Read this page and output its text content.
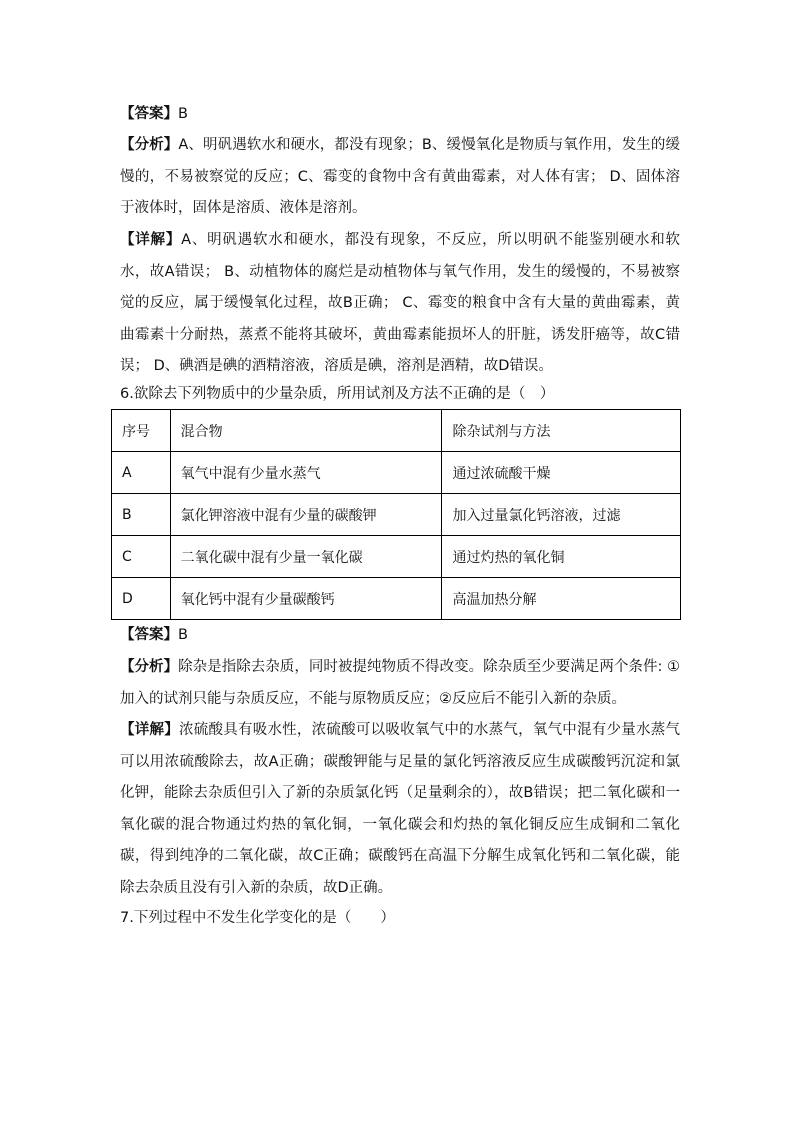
【答案】B

【分析】A、明矾遇软水和硬水，都没有现象；B、缓慢氧化是物质与氧作用，发生的缓慢的，不易被察觉的反应；C、霉变的食物中含有黄曲霉素，对人体有害； D、固体溶于液体时，固体是溶质、液体是溶剂。

【详解】A、明矾遇软水和硬水，都没有现象，不反应，所以明矾不能鉴别硬水和软水，故A错误； B、动植物体的腐烂是动植物体与氧气作用，发生的缓慢的，不易被察觉的反应，属于缓慢氧化过程，故B正确； C、霉变的粮食中含有大量的黄曲霉素，黄曲霉素十分耐热，蒸煮不能将其破坏，黄曲霉素能损坏人的肝脏，诱发肝癌等，故C错误； D、碘酒是碘的酒精溶液，溶质是碘，溶剂是酒精，故D错误。

6.欲除去下列物质中的少量杂质，所用试剂及方法不正确的是（　）
序号	混合物	除杂试剂与方法
A	氧气中混有少量水蒸气	通过浓硫酸干燥
B	氯化钾溶液中混有少量的碳酸钾	加入过量氯化钙溶液，过滤
C	二氧化碳中混有少量一氧化碳	通过灼热的氧化铜
D	氧化钙中混有少量碳酸钙	高温加热分解

【答案】B

【分析】除杂是指除去杂质，同时被提纯物质不得改变。除杂质至少要满足两个条件: ①加入的试剂只能与杂质反应，不能与原物质反应；②反应后不能引入新的杂质。

【详解】浓硫酸具有吸水性，浓硫酸可以吸收氧气中的水蒸气，氧气中混有少量水蒸气可以用浓硫酸除去，故A正确；碳酸钾能与足量的氯化钙溶液反应生成碳酸钙沉淀和氯化钾，能除去杂质但引入了新的杂质氯化钙（足量剩余的），故B错误；把二氧化碳和一氧化碳的混合物通过灼热的氧化铜，一氧化碳会和灼热的氧化铜反应生成铜和二氧化碳，得到纯净的二氧化碳，故C正确；碳酸钙在高温下分解生成氧化钙和二氧化碳，能除去杂质且没有引入新的杂质，故D正确。

7.下列过程中不发生化学变化的是（　　）
